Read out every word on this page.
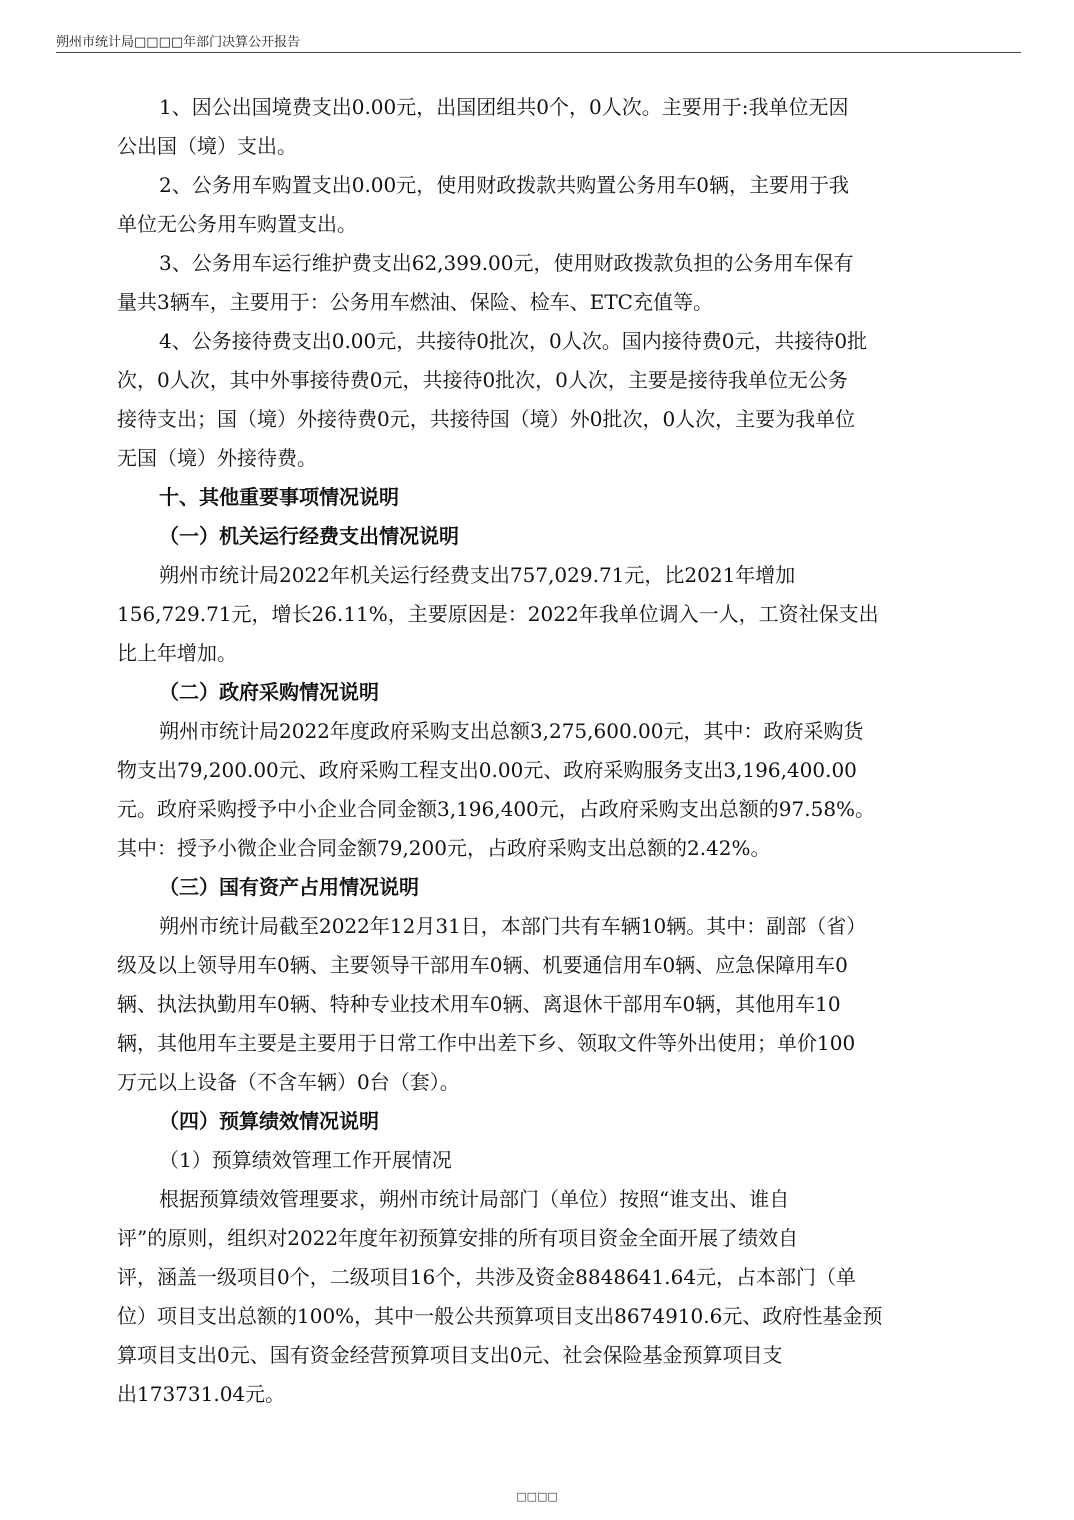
朔州市统计局□□□□年部门决算公开报告
1、因公出国境费支出0.00元，出国团组共0个，0人次。主要用于:我单位无因
公出国（境）支出。
2、公务用车购置支出0.00元，使用财政拨款共购置公务用车0辆，主要用于我
单位无公务用车购置支出。
3、公务用车运行维护费支出62,399.00元，使用财政拨款负担的公务用车保有
量共3辆车，主要用于：公务用车燃油、保险、检车、ETC充值等。
4、公务接待费支出0.00元，共接待0批次，0人次。国内接待费0元，共接待0批
次，0人次，其中外事接待费0元，共接待0批次，0人次，主要是接待我单位无公务
接待支出；国（境）外接待费0元，共接待国（境）外0批次，0人次，主要为我单位
无国（境）外接待费。
十、其他重要事项情况说明
（一）机关运行经费支出情况说明
朔州市统计局2022年机关运行经费支出757,029.71元，比2021年增加
156,729.71元，增长26.11%，主要原因是：2022年我单位调入一人，工资社保支出
比上年增加。
（二）政府采购情况说明
朔州市统计局2022年度政府采购支出总额3,275,600.00元，其中：政府采购货
物支出79,200.00元、政府采购工程支出0.00元、政府采购服务支出3,196,400.00
元。政府采购授予中小企业合同金额3,196,400元，占政府采购支出总额的97.58%。
其中：授予小微企业合同金额79,200元，占政府采购支出总额的2.42%。
（三）国有资产占用情况说明
朔州市统计局截至2022年12月31日，本部门共有车辆10辆。其中：副部（省）
级及以上领导用车0辆、主要领导干部用车0辆、机要通信用车0辆、应急保障用车0
辆、执法执勤用车0辆、特种专业技术用车0辆、离退休干部用车0辆，其他用车10
辆，其他用车主要是主要用于日常工作中出差下乡、领取文件等外出使用；单价100
万元以上设备（不含车辆）0台（套）。
（四）预算绩效情况说明
（1）预算绩效管理工作开展情况
根据预算绩效管理要求，朔州市统计局部门（单位）按照“谁支出、谁自
评”的原则，组织对2022年度年初预算安排的所有项目资金全面开展了绩效自
评，涵盖一级项目0个，二级项目16个，共涉及资金8848641.64元，占本部门（单
位）项目支出总额的100%，其中一般公共预算项目支出8674910.6元、政府性基金预
算项目支出0元、国有资金经营预算项目支出0元、社会保险基金预算项目支
出173731.04元。
□□□□
